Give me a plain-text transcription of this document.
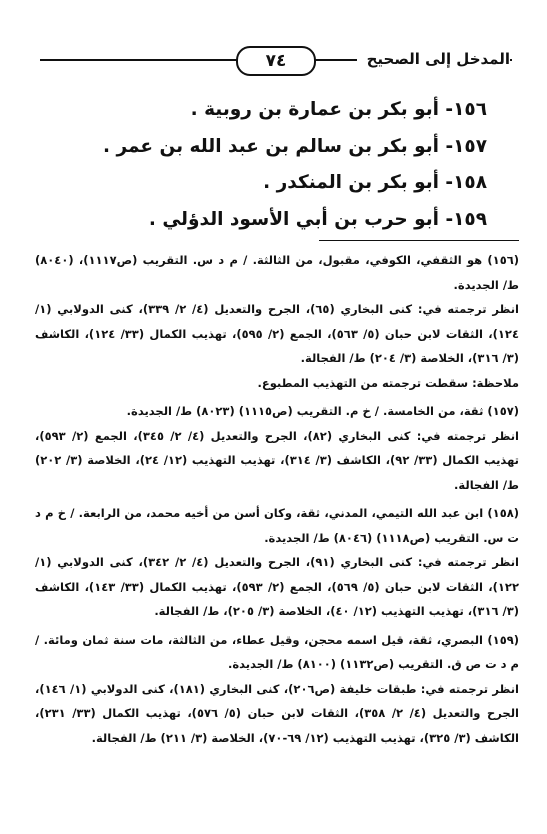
المدخل إلى الصحيح
٧٤
١٥٦- أبو بكر بن عمارة بن روبية .
١٥٧- أبو بكر بن سالم بن عبد الله بن عمر .
١٥٨- أبو بكر بن المنكدر .
١٥٩- أبو حرب بن أبي الأسود الدؤلي .

(١٥٦) هو الثقفي، الكوفي، مقبول، من الثالثة. / م د س. التقريب (ص١١١٧)، (٨٠٤٠) ط/ الجديدة.

انظر ترجمته في: كنى البخاري (٦٥)، الجرح والتعديل (٤/ ٢/ ٣٣٩)، كنى الدولابي (١/ ١٢٤)، الثقات لابن حبان (٥/ ٥٦٣)، الجمع (٢/ ٥٩٥)، تهذيب الكمال (٣٣/ ١٢٤)، الكاشف (٣/ ٣١٦)، الخلاصة (٣/ ٢٠٤) ط/ الفجالة.

ملاحظة: سقطت ترجمته من التهذيب المطبوع.

(١٥٧) ثقة، من الخامسة. / خ م. التقريب (ص١١١٥) (٨٠٢٣) ط/ الجديدة.

انظر ترجمته في: كنى البخاري (٨٢)، الجرح والتعديل (٤/ ٢/ ٣٤٥)، الجمع (٢/ ٥٩٣)، تهذيب الكمال (٣٣/ ٩٢)، الكاشف (٣/ ٣١٤)، تهذيب التهذيب (١٢/ ٢٤)، الخلاصة (٣/ ٢٠٢) ط/ الفجالة.

(١٥٨) ابن عبد الله التيمي، المدني، ثقة، وكان أسن من أخيه محمد، من الرابعة. / خ م د ت س. التقريب (ص١١١٨) (٨٠٤٦) ط/ الجديدة.

انظر ترجمته في: كنى البخاري (٩١)، الجرح والتعديل (٤/ ٢/ ٣٤٢)، كنى الدولابي (١/ ١٢٢)، الثقات لابن حبان (٥/ ٥٦٩)، الجمع (٢/ ٥٩٣)، تهذيب الكمال (٣٣/ ١٤٣)، الكاشف (٣/ ٣١٦)، تهذيب التهذيب (١٢/ ٤٠)، الخلاصة (٣/ ٢٠٥)، ط/ الفجالة.

(١٥٩) البصري، ثقة، قيل اسمه محجن، وقيل عطاء، من الثالثة، مات سنة ثمان ومائة. / م د ت ص ق. التقريب (ص١١٣٢) (٨١٠٠) ط/ الجديدة.

انظر ترجمته في: طبقات خليفة (ص٢٠٦)، كنى البخاري (١٨١)، كنى الدولابي (١/ ١٤٦)، الجرح والتعديل (٤/ ٢/ ٣٥٨)، الثقات لابن حبان (٥/ ٥٧٦)، تهذيب الكمال (٣٣/ ٢٣١)، الكاشف (٣/ ٣٢٥)، تهذيب التهذيب (١٢/ ٦٩-٧٠)، الخلاصة (٣/ ٢١١) ط/ الفجالة.
